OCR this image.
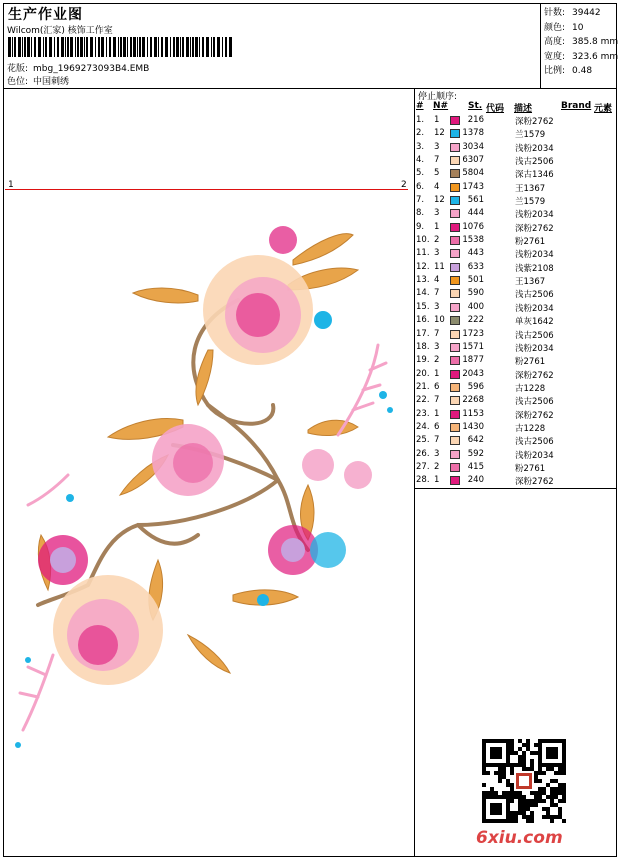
生产作业图
Wilcom(汇家) 核饰工作室
花版: mbg_1969273093B4.EMB
色位: 中国刺绣
针数: 39442
颜色: 10
高度: 385.8 mm
宽度: 323.6 mm
比例: 0.48
停止顺序:
# N# St. 代码 描述	Brand 元素
1. 1	216	深粉2762
2. 12 1378	兰1579
3. 3	3034	浅粉2034
4. 7	6307	浅古2506
5. 5	5804	深古1346
6. 4	1743	王1367
7. 12	561	兰1579
8. 3	444	浅粉2034
9. 1	1076	深粉2762
10. 2	1538	粉2761
11. 3	443	浅粉2034
12. 11	633	浅紫2108
13. 4	501	王1367
14. 7	590	浅古2506
15. 3	400	浅粉2034
16. 10	222	单灰1642
17. 7	1723	浅古2506
18. 3	1571	浅粉2034
19. 2	1877	粉2761
20. 1	2043	深粉2762
21. 6	596	古1228
22. 7	2268	浅古2506
23. 1	1153	深粉2762
24. 6	1430	古1228
25. 7	642	浅古2506
26. 3	592	浅粉2034
27. 2	415	粉2761
28. 1	240	深粉2762
1	2
6xiu.com
